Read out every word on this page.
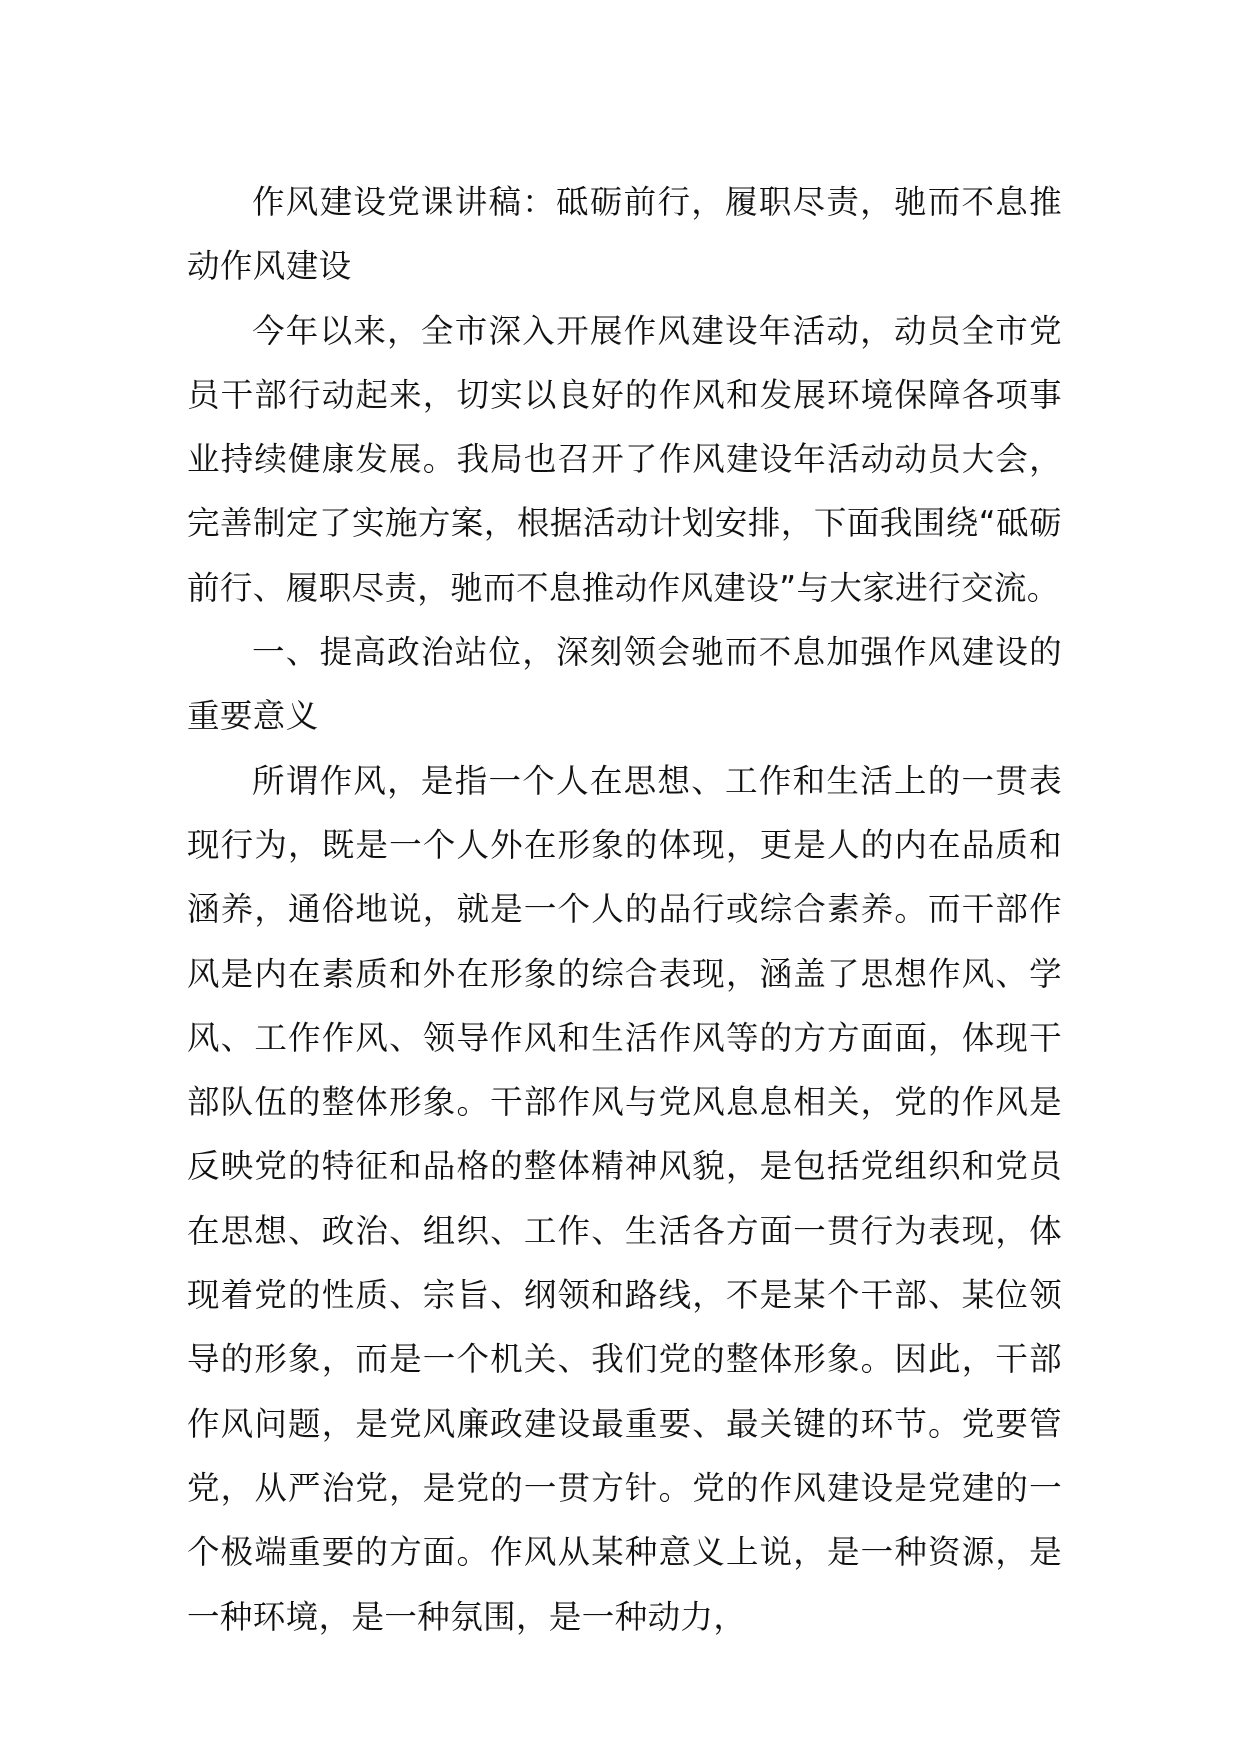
作风建设党课讲稿：砥砺前行，履职尽责，驰而不息推动作风建设

今年以来，全市深入开展作风建设年活动，动员全市党员干部行动起来，切实以良好的作风和发展环境保障各项事业持续健康发展。我局也召开了作风建设年活动动员大会，完善制定了实施方案，根据活动计划安排，下面我围绕“砥砺前行、履职尽责，驰而不息推动作风建设”与大家进行交流。

一、提高政治站位，深刻领会驰而不息加强作风建设的重要意义

所谓作风，是指一个人在思想、工作和生活上的一贯表现行为，既是一个人外在形象的体现，更是人的内在品质和涵养，通俗地说，就是一个人的品行或综合素养。而干部作风是内在素质和外在形象的综合表现，涵盖了思想作风、学风、工作作风、领导作风和生活作风等的方方面面，体现干部队伍的整体形象。干部作风与党风息息相关，党的作风是反映党的特征和品格的整体精神风貌，是包括党组织和党员在思想、政治、组织、工作、生活各方面一贯行为表现，体现着党的性质、宗旨、纲领和路线，不是某个干部、某位领导的形象，而是一个机关、我们党的整体形象。因此，干部作风问题，是党风廉政建设最重要、最关键的环节。党要管党，从严治党，是党的一贯方针。党的作风建设是党建的一个极端重要的方面。作风从某种意义上说，是一种资源，是一种环境，是一种氛围，是一种动力，
